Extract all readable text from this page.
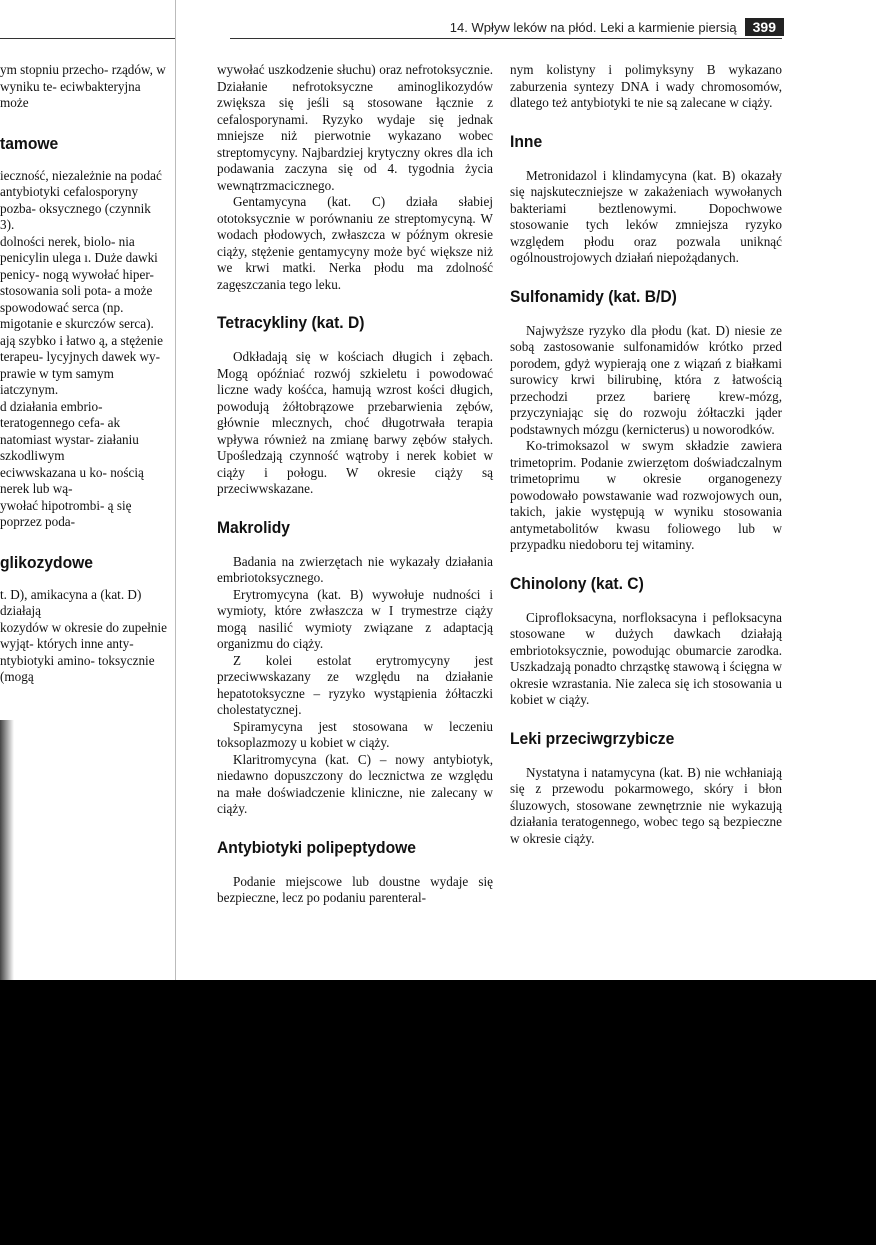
14. Wpływ leków na płód. Leki a karmienie piersią	399

ym stopniu przecho- rządów, w wyniku te- eciwbakteryjna może

tamowe

ieczność, niezależnie na podać antybiotyki cefalosporyny pozba- oksycznego (czynnik 3).

dolności nerek, biolo- nia penicylin ulega ı. Duże dawki penicy- nogą wywołać hiper- stosowania soli pota- a może spowodować serca (np. migotanie e skurczów serca). ają szybko i łatwo ą, a stężenie terapeu- lycyjnych dawek wy- prawie w tym samym iatczynym.

d działania embrio- teratogennego cefa- ak natomiast wystar- ziałaniu szkodliwym

eciwwskazana u ko- nością nerek lub wą-

ywołać hipotrombi- ą się poprzez poda-

glikozydowe

t. D), amikacyna a (kat. D) działają

kozydów w okresie do zupełnie wyjąt- których inne anty- ntybiotyki amino- toksycznie (mogą

wywołać uszkodzenie słuchu) oraz nefrotoksycznie. Działanie nefrotoksyczne aminoglikozydów zwiększa się jeśli są stosowane łącznie z cefalosporynami. Ryzyko wydaje się jednak mniejsze niż pierwotnie wykazano wobec streptomycyny. Najbardziej krytyczny okres dla ich podawania zaczyna się od 4. tygodnia życia wewnątrzmacicznego.

Gentamycyna (kat. C) działa słabiej ototoksycznie w porównaniu ze streptomycyną. W wodach płodowych, zwłaszcza w późnym okresie ciąży, stężenie gentamycyny może być większe niż we krwi matki. Nerka płodu ma zdolność zagęszczania tego leku.

Tetracykliny (kat. D)

Odkładają się w kościach długich i zębach. Mogą opóźniać rozwój szkieletu i powodować liczne wady kośćca, hamują wzrost kości długich, powodują żółtobrązowe przebarwienia zębów, głównie mlecznych, choć długotrwała terapia wpływa również na zmianę barwy zębów stałych. Upośledzają czynność wątroby i nerek kobiet w ciąży i połogu. W okresie ciąży są przeciwwskazane.

Makrolidy

Badania na zwierzętach nie wykazały działania embriotoksycznego.

Erytromycyna (kat. B) wywołuje nudności i wymioty, które zwłaszcza w I trymestrze ciąży mogą nasilić wymioty związane z adaptacją organizmu do ciąży.

Z kolei estolat erytromycyny jest przeciwwskazany ze względu na działanie hepatotoksyczne – ryzyko wystąpienia żółtaczki cholestatycznej.

Spiramycyna jest stosowana w leczeniu toksoplazmozy u kobiet w ciąży.

Klaritromycyna (kat. C) – nowy antybiotyk, niedawno dopuszczony do lecznictwa ze względu na małe doświadczenie kliniczne, nie zalecany w ciąży.

Antybiotyki polipeptydowe

Podanie miejscowe lub doustne wydaje się bezpieczne, lecz po podaniu parenteral-

nym kolistyny i polimyksyny B wykazano zaburzenia syntezy DNA i wady chromosomów, dlatego też antybiotyki te nie są zalecane w ciąży.

Inne

Metronidazol i klindamycyna (kat. B) okazały się najskuteczniejsze w zakażeniach wywołanych bakteriami beztlenowymi. Dopochwowe stosowanie tych leków zmniejsza ryzyko względem płodu oraz pozwala uniknąć ogólnoustrojowych działań niepożądanych.

Sulfonamidy (kat. B/D)

Najwyższe ryzyko dla płodu (kat. D) niesie ze sobą zastosowanie sulfonamidów krótko przed porodem, gdyż wypierają one z wiązań z białkami surowicy krwi bilirubinę, która z łatwością przechodzi przez barierę krew-mózg, przyczyniając się do rozwoju żółtaczki jąder podstawnych mózgu (kernicterus) u noworodków.

Ko-trimoksazol w swym składzie zawiera trimetoprim. Podanie zwierzętom doświadczalnym trimetoprimu w okresie organogenezy powodowało powstawanie wad rozwojowych oun, takich, jakie występują w wyniku stosowania antymetabolitów kwasu foliowego lub w przypadku niedoboru tej witaminy.

Chinolony (kat. C)

Ciprofloksacyna, norfloksacyna i pefloksacyna stosowane w dużych dawkach działają embriotoksycznie, powodując obumarcie zarodka. Uszkadzają ponadto chrząstkę stawową i ścięgna w okresie wzrastania. Nie zaleca się ich stosowania u kobiet w ciąży.

Leki przeciwgrzybicze

Nystatyna i natamycyna (kat. B) nie wchłaniają się z przewodu pokarmowego, skóry i błon śluzowych, stosowane zewnętrznie nie wykazują działania teratogennego, wobec tego są bezpieczne w okresie ciąży.
